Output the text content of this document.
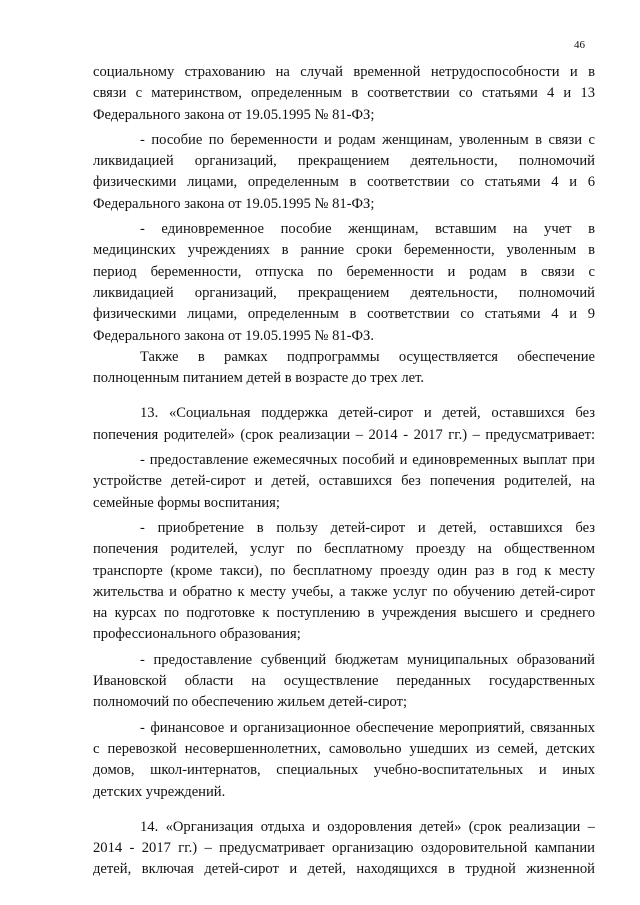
46
социальному страхованию на случай временной нетрудоспособности и в
связи с материнством, определенным в соответствии со статьями 4 и 13
Федерального закона от 19.05.1995 № 81-ФЗ;
- пособие по беременности и родам женщинам, уволенным в связи с
ликвидацией организаций, прекращением деятельности, полномочий
физическими лицами, определенным в соответствии со статьями 4 и 6
Федерального закона от 19.05.1995 № 81-ФЗ;
- единовременное пособие женщинам, вставшим на учет в
медицинских учреждениях в ранние сроки беременности, уволенным в
период беременности, отпуска по беременности и родам в связи с
ликвидацией организаций, прекращением деятельности, полномочий
физическими лицами, определенным в соответствии со статьями 4 и 9
Федерального закона от 19.05.1995 № 81-ФЗ.
Также в рамках подпрограммы осуществляется обеспечение
полноценным питанием детей в возрасте до трех лет.
13. «Социальная поддержка детей-сирот и детей, оставшихся без
попечения родителей» (срок реализации – 2014 - 2017 гг.) – предусматривает:
- предоставление ежемесячных пособий и единовременных выплат при
устройстве детей-сирот и детей, оставшихся без попечения родителей, на
семейные формы воспитания;
- приобретение в пользу детей-сирот и детей, оставшихся без
попечения родителей, услуг по бесплатному проезду на общественном
транспорте (кроме такси), по бесплатному проезду один раз в год к месту
жительства и обратно к месту учебы, а также услуг по обучению детей-сирот
на курсах по подготовке к поступлению в учреждения высшего и среднего
профессионального образования;
- предоставление субвенций бюджетам муниципальных образований
Ивановской области на осуществление переданных государственных
полномочий по обеспечению жильем детей-сирот;
- финансовое и организационное обеспечение мероприятий, связанных
с перевозкой несовершеннолетних, самовольно ушедших из семей, детских
домов, школ-интернатов, специальных учебно-воспитательных и иных
детских учреждений.
14. «Организация отдыха и оздоровления детей» (срок реализации –
2014 - 2017 гг.) – предусматривает организацию оздоровительной кампании
детей, включая детей-сирот и детей, находящихся в трудной жизненной
